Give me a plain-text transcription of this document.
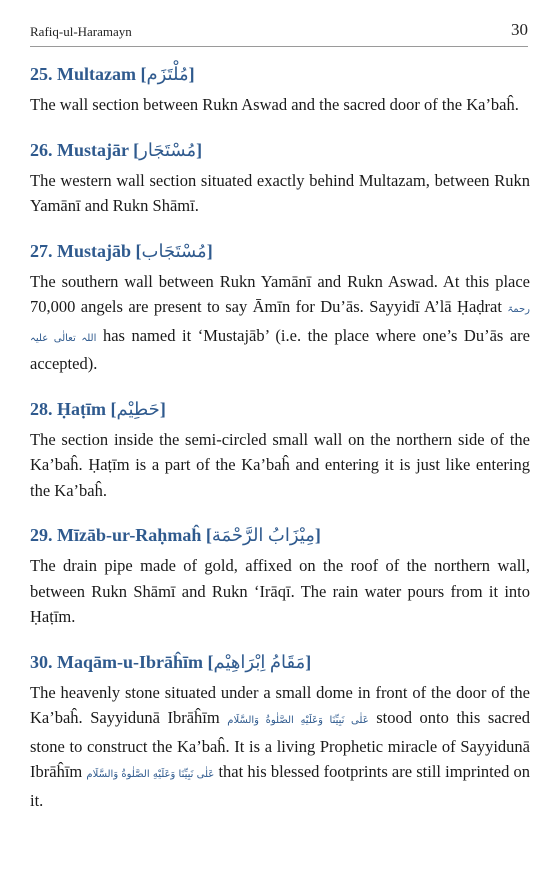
Rafiq-ul-Haramayn	30
25. Multazam [مُلْتَزَم]

The wall section between Rukn Aswad and the sacred door of the Ka’baĥ.

26. Mustajār [مُسْتَجَار]

The western wall section situated exactly behind Multazam, between Rukn Yamānī and Rukn Shāmī.

27. Mustajāb [مُسْتَجَاب]

The southern wall between Rukn Yamānī and Rukn Aswad. At this place 70,000 angels are present to say Āmīn for Du’ās. Sayyidī A’lā Ḥaḍrat رحمۃ اللہ تعالٰی علیہ has named it ‘Mustajāb’ (i.e. the place where one’s Du’ās are accepted).

28. Ḥaṭīm [حَطِيْم]

The section inside the semi-circled small wall on the northern side of the Ka’baĥ. Ḥaṭīm is a part of the Ka’baĥ and entering it is just like entering the Ka’baĥ.

29. Mīzāb-ur-Raḥmaĥ [مِيْزَابُ الرَّحْمَة]

The drain pipe made of gold, affixed on the roof of the northern wall, between Rukn Shāmī and Rukn ‘Irāqī. The rain water pours from it into Ḥaṭīm.

30. Maqām-u-Ibrāĥīm [مَقَامُ اِبْرَاهِيْم]

The heavenly stone situated under a small dome in front of the door of the Ka’baĥ. Sayyidunā Ibrāĥīm عَلٰی نَبِیِّنَا وَعَلَیْهِ الصَّلٰوةُ وَالسَّلَام stood onto this sacred stone to construct the Ka’baĥ. It is a living Prophetic miracle of Sayyidunā Ibrāĥīm عَلٰی نَبِیِّنَا وَعَلَیْهِ الصَّلٰوةُ وَالسَّلَام that his blessed footprints are still imprinted on it.
